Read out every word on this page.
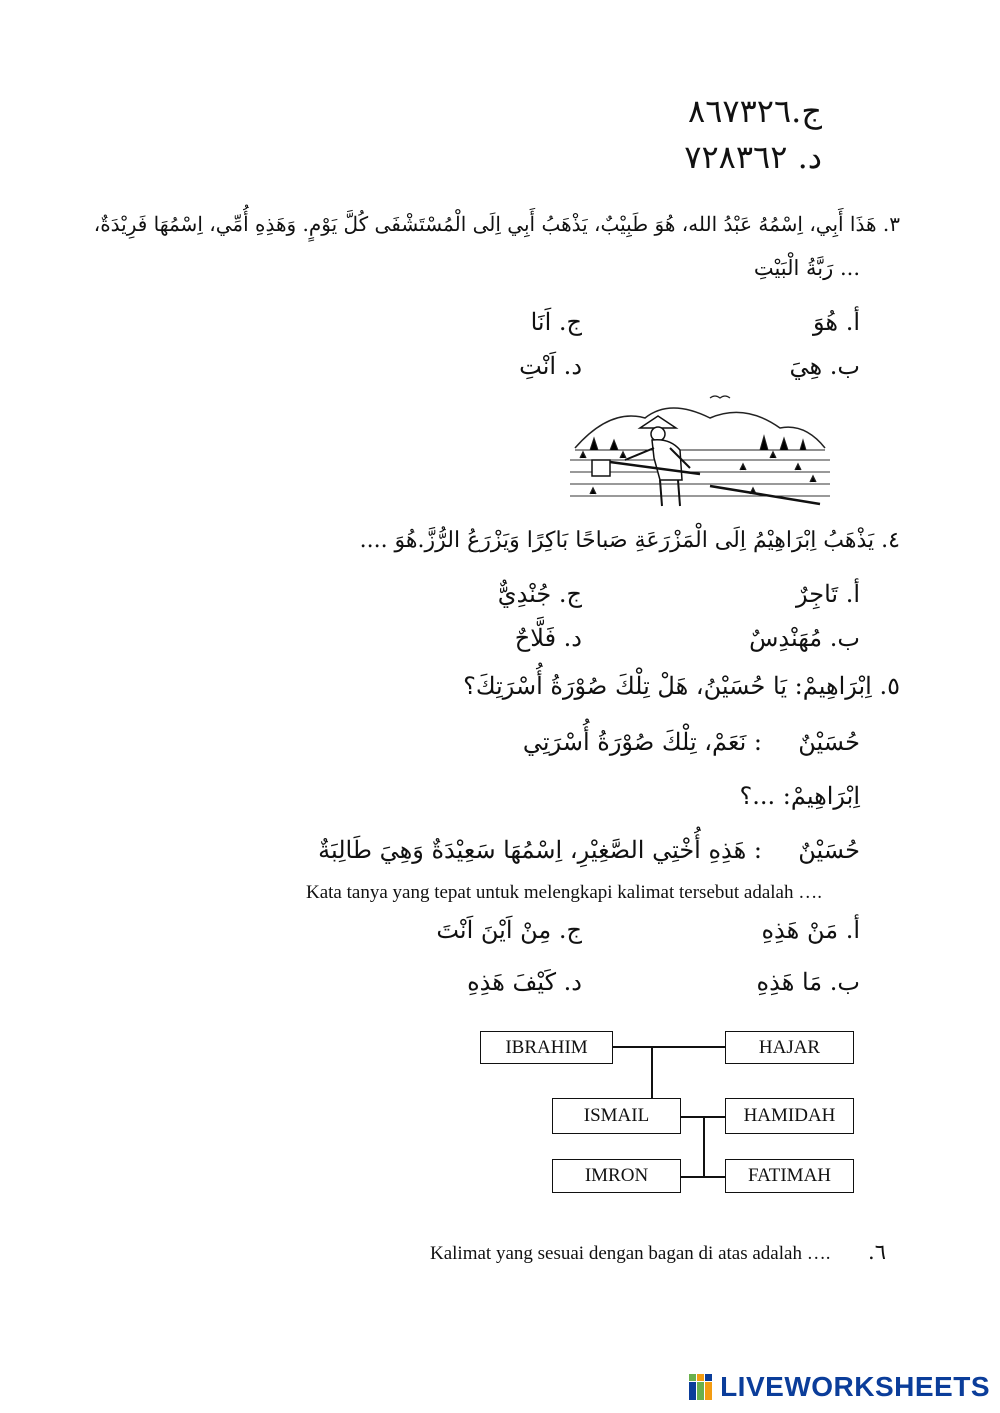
ج.٨٦٧٣٢٦
د. ٧٢٨٣٦٢
٣. هَذَا أَبِي، اِسْمُهُ عَبْدُ الله، هُوَ طَبِيْبٌ، يَذْهَبُ أَبِي اِلَى الْمُسْتَشْفَى كُلَّ يَوْمٍ. وَهَذِهِ أُمِّي، اِسْمُهَا فَرِيْدَةٌ،
... رَبَّةُ الْبَيْتِ
أ. هُوَ
ب. هِيَ
ج. اَنَا
د. اَنْتِ
٤. يَذْهَبُ اِبْرَاهِيْمُ اِلَى الْمَزْرَعَةِ صَباحًا بَاكِرًا وَيَزْرَعُ الرُّزَّ.هُوَ ....
أ. تَاجِرٌ
ب. مُهَنْدِسٌ
ج. جُنْدِيٌّ
د. فَلَّاحٌ
٥. اِبْرَاهِيمْ: يَا حُسَيْنُ، هَلْ تِلْكَ صُوْرَةُ أُسْرَتِكَ؟
حُسَيْنٌ
: نَعَمْ، تِلْكَ صُوْرَةُ أُسْرَتِي
اِبْرَاهِيمْ: ...؟
حُسَيْنٌ
: هَذِهِ أُخْتِي الصَّغِيْرِ، اِسْمُهَا سَعِيْدَةٌ وَهِيَ طَالِبَةٌ
Kata tanya yang tepat untuk melengkapi kalimat tersebut adalah ….
أ. مَنْ هَذِهِ
ب. مَا هَذِهِ
ج. مِنْ اَيْنَ اَنْتَ
د. كَيْفَ هَذِهِ
IBRAHIM	HAJAR
ISMAIL	HAMIDAH
IMRON	FATIMAH
٦.
Kalimat yang sesuai dengan bagan di atas adalah ….
LIVEWORKSHEETS
